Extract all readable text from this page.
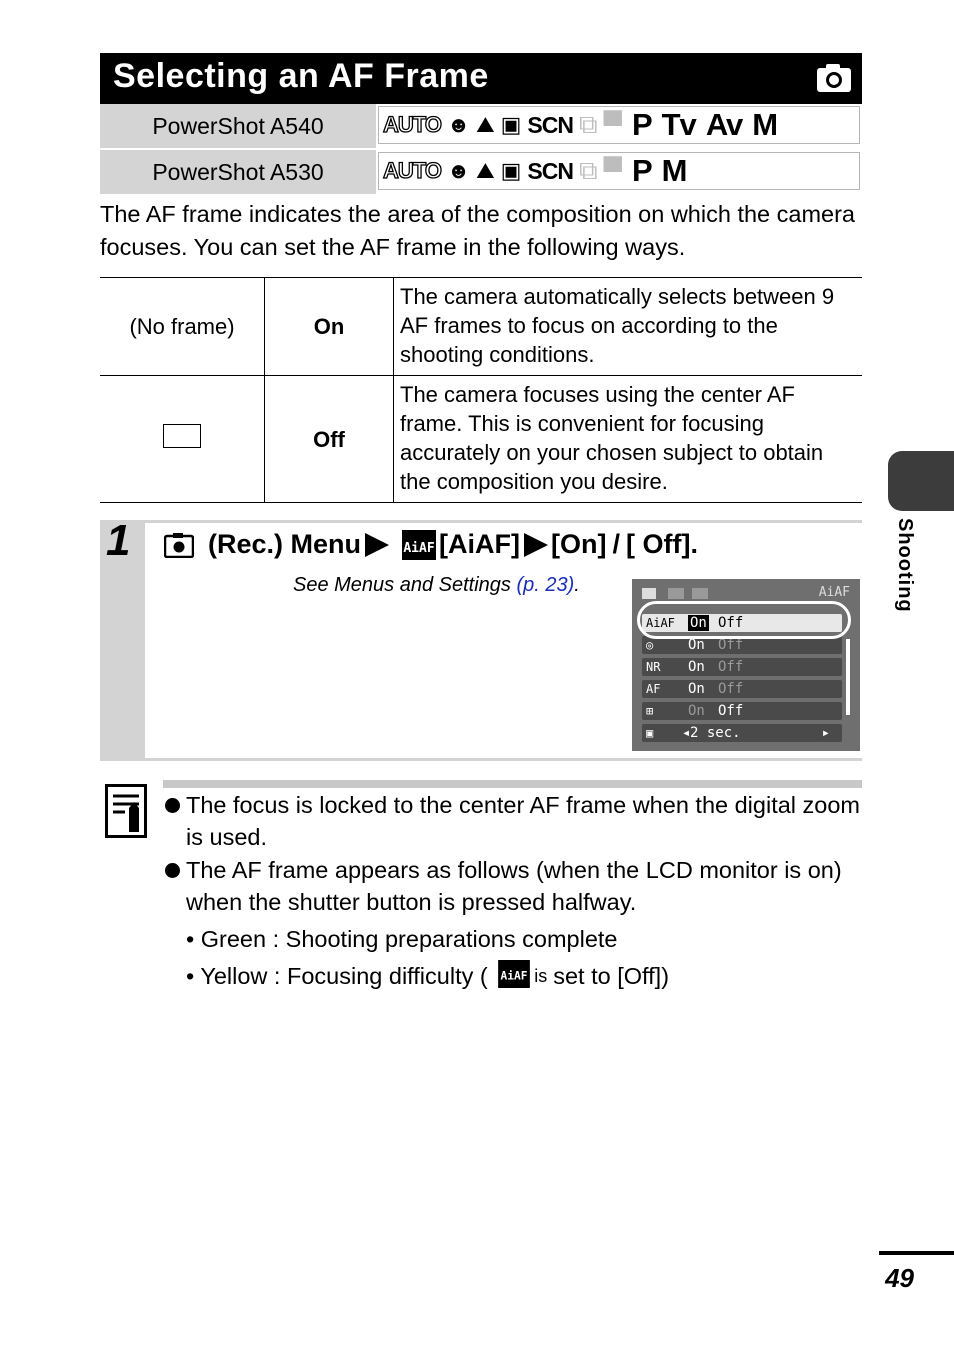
Selecting an AF Frame
PowerShot A540	AUTO ☻ ⛰ ▣ SCN ⧉ ▀ P Tv Av M
PowerShot A530	AUTO ☻ ⛰ ▣ SCN ⧉ ▀ P M
The AF frame indicates the area of the composition on which the camera focuses. You can set the AF frame in the following ways.
(No frame)	On	The camera automatically selects between 9 AF frames to focus on according to the shooting conditions.
	Off	The camera focuses using the center AF frame. This is convenient for focusing accurately on your chosen subject to obtain the composition you desire.
1	(Rec.) Menu	AiAF [AiAF] [On] / [ Off].
See Menus and Settings (p. 23).	AiAF
AiAF On Off
◎	On Off
NR	On Off
AF	On Off
⊞	On Off
▣	◂ 2 sec.	▸
The focus is locked to the center AF frame when the digital zoom is used.
The AF frame appears as follows (when the LCD monitor is on) when the shutter button is pressed halfway.
• Green : Shooting preparations complete
• Yellow : Focusing difficulty ( AiAF is set to [Off])
Shooting
49
